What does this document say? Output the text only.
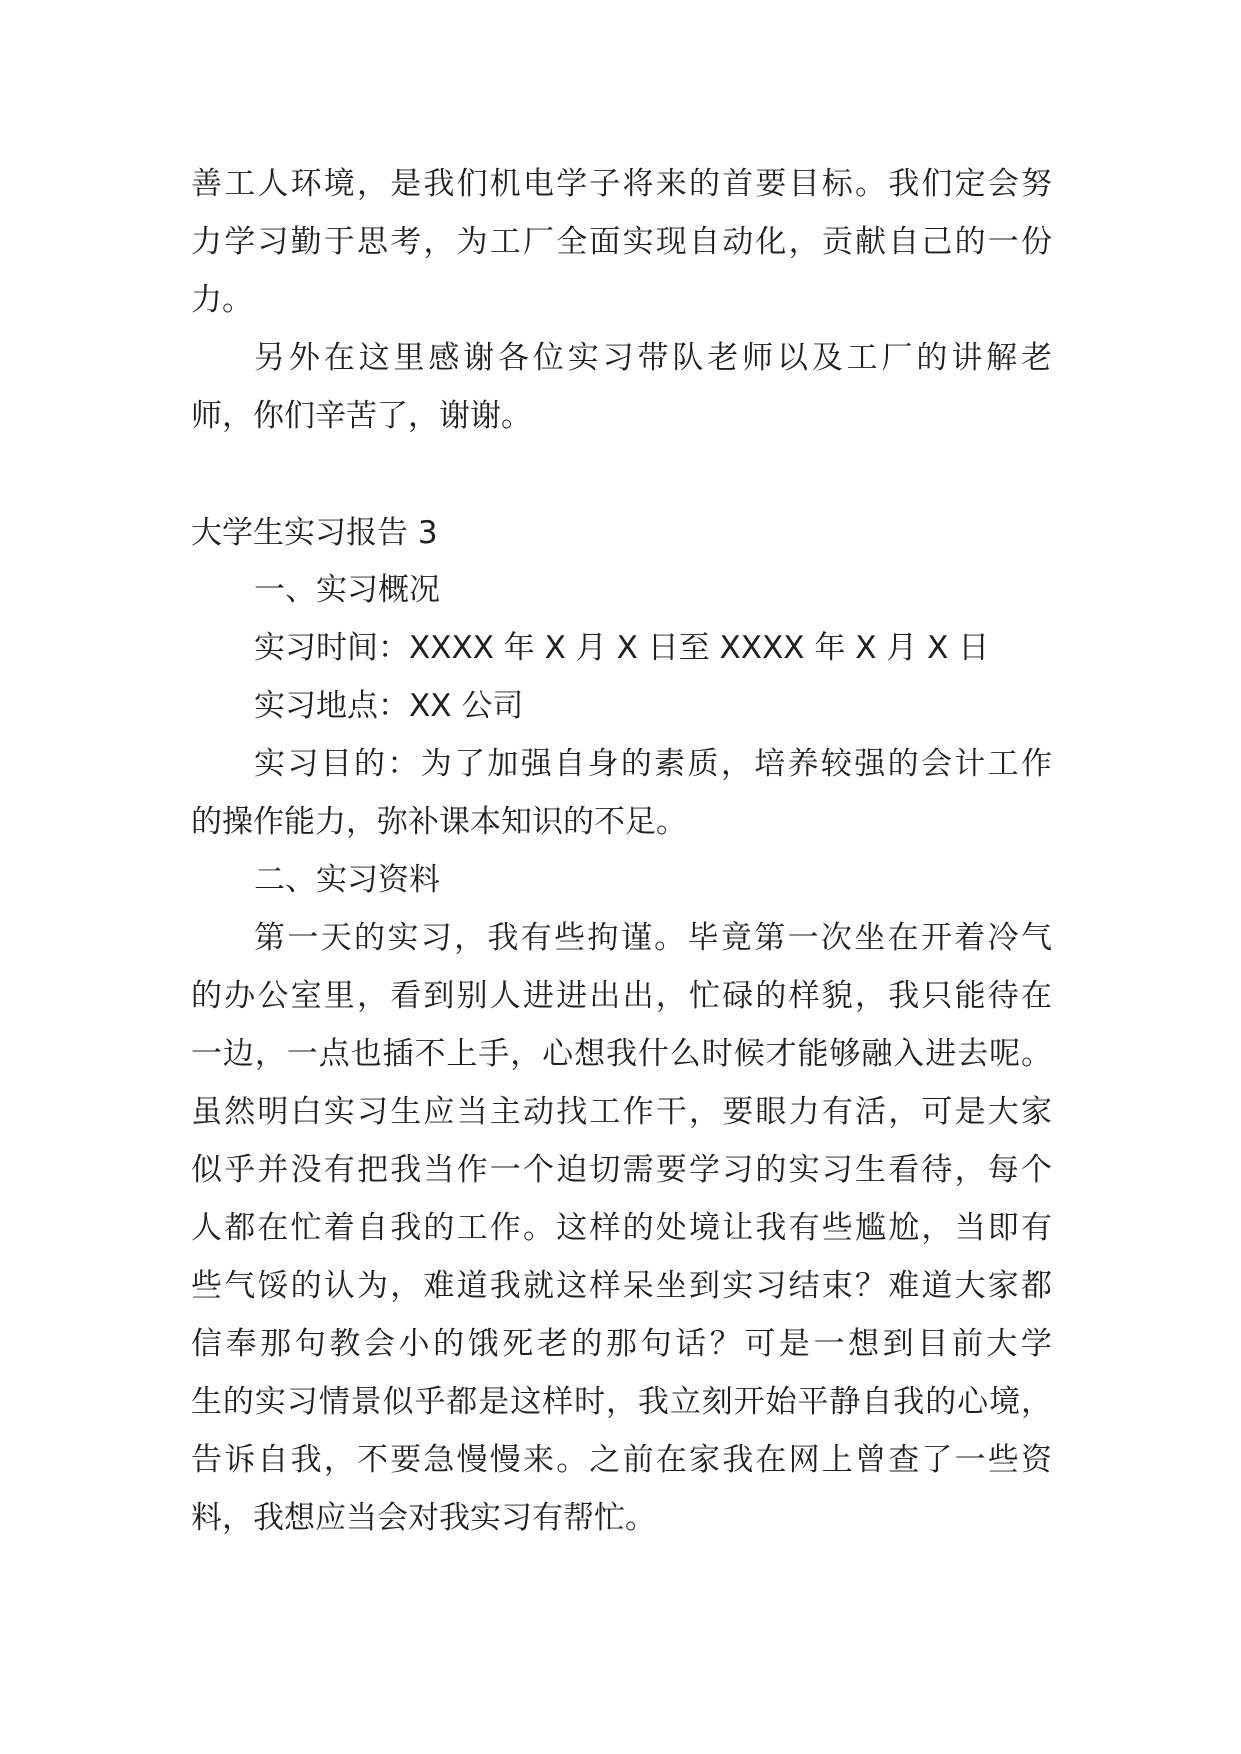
善工人环境，是我们机电学子将来的首要目标。我们定会努

力学习勤于思考，为工厂全面实现自动化，贡献自己的一份

力。

另外在这里感谢各位实习带队老师以及工厂的讲解老

师，你们辛苦了，谢谢。

大学生实习报告 3

一、实习概况

实习时间：XXXX 年 X 月 X 日至 XXXX 年 X 月 X 日

实习地点：XX 公司

实习目的：为了加强自身的素质，培养较强的会计工作

的操作能力，弥补课本知识的不足。

二、实习资料

第一天的实习，我有些拘谨。毕竟第一次坐在开着冷气

的办公室里，看到别人进进出出，忙碌的样貌，我只能待在

一边，一点也插不上手，心想我什么时候才能够融入进去呢。

虽然明白实习生应当主动找工作干，要眼力有活，可是大家

似乎并没有把我当作一个迫切需要学习的实习生看待，每个

人都在忙着自我的工作。这样的处境让我有些尴尬，当即有

些气馁的认为，难道我就这样呆坐到实习结束？难道大家都

信奉那句教会小的饿死老的那句话？可是一想到目前大学

生的实习情景似乎都是这样时，我立刻开始平静自我的心境，

告诉自我，不要急慢慢来。之前在家我在网上曾查了一些资

料，我想应当会对我实习有帮忙。
